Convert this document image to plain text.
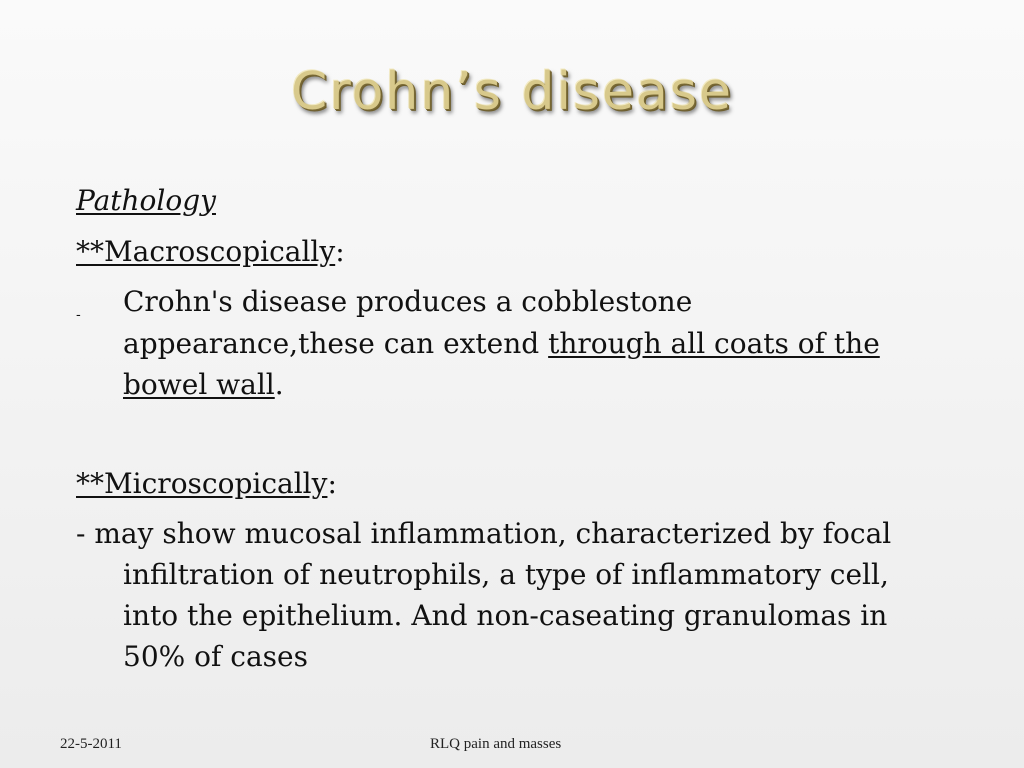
Crohn’s disease
Pathology
**Macroscopically:
- Crohn's disease produces a cobblestone
appearance,these can extend through all coats of the
bowel wall.
**Microscopically:
- may show mucosal inflammation, characterized by focal
infiltration of neutrophils, a type of inflammatory cell,
into the epithelium. And non-caseating granulomas in
50% of cases
22-5-2011	RLQ pain and masses
